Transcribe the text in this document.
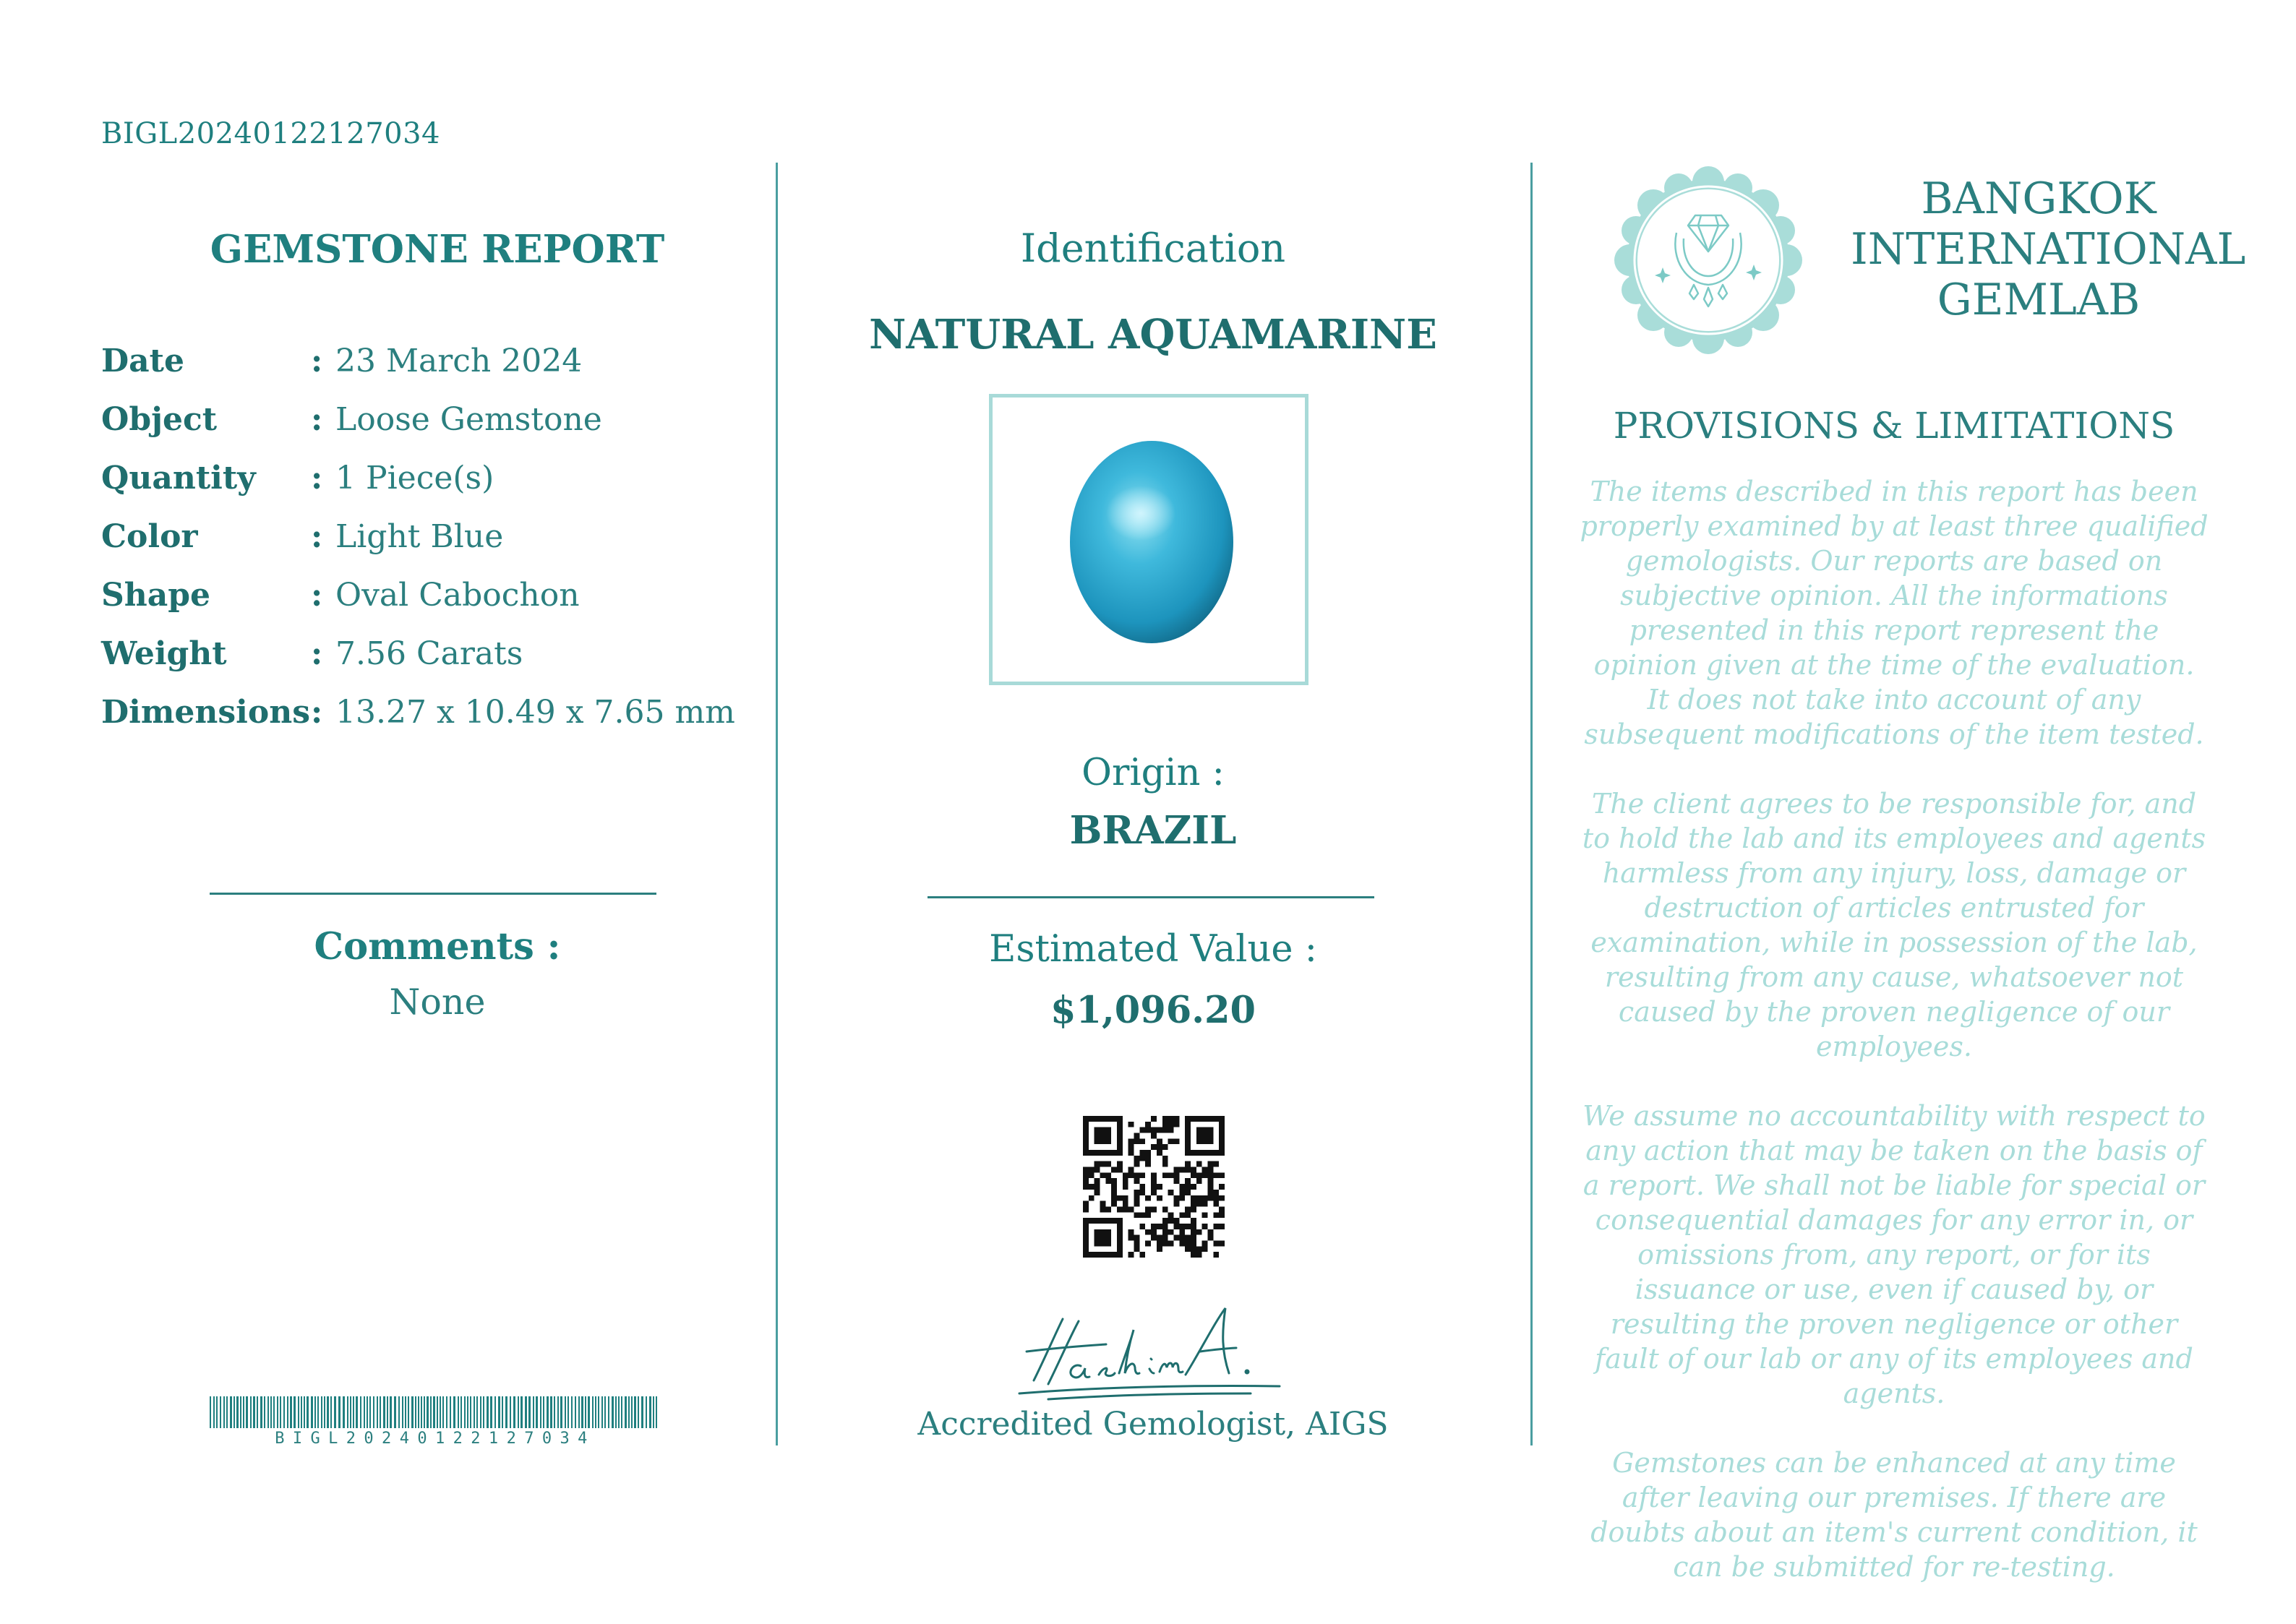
BIGL20240122127034
GEMSTONE REPORT
Date	: 23 March 2024
Object	: Loose Gemstone
Quantity	: 1 Piece(s)
Color	: Light Blue
Shape	: Oval Cabochon
Weight	: 7.56 Carats
Dimensions : 13.27 x 10.49 x 7.65 mm
Comments :
None
BIGL20240122127034
Identification
NATURAL AQUAMARINE
Origin :
BRAZIL
Estimated Value :
$1,096.20
Accredited Gemologist, AIGS
BANGKOK
INTERNATIONAL
GEMLAB
PROVISIONS & LIMITATIONS

The items described in this report has been properly examined by at least three qualified gemologists. Our reports are based on subjective opinion. All the informations presented in this report represent the opinion given at the time of the evaluation. It does not take into account of any subsequent modifications of the item tested.

The client agrees to be responsible for, and to hold the lab and its employees and agents harmless from any injury, loss, damage or destruction of articles entrusted for examination, while in possession of the lab, resulting from any cause, whatsoever not caused by the proven negligence of our employees.

We assume no accountability with respect to any action that may be taken on the basis of a report. We shall not be liable for special or consequential damages for any error in, or omissions from, any report, or for its issuance or use, even if caused by, or resulting the proven negligence or other fault of our lab or any of its employees and agents.

Gemstones can be enhanced at any time after leaving our premises. If there are doubts about an item's current condition, it can be submitted for re-testing.
